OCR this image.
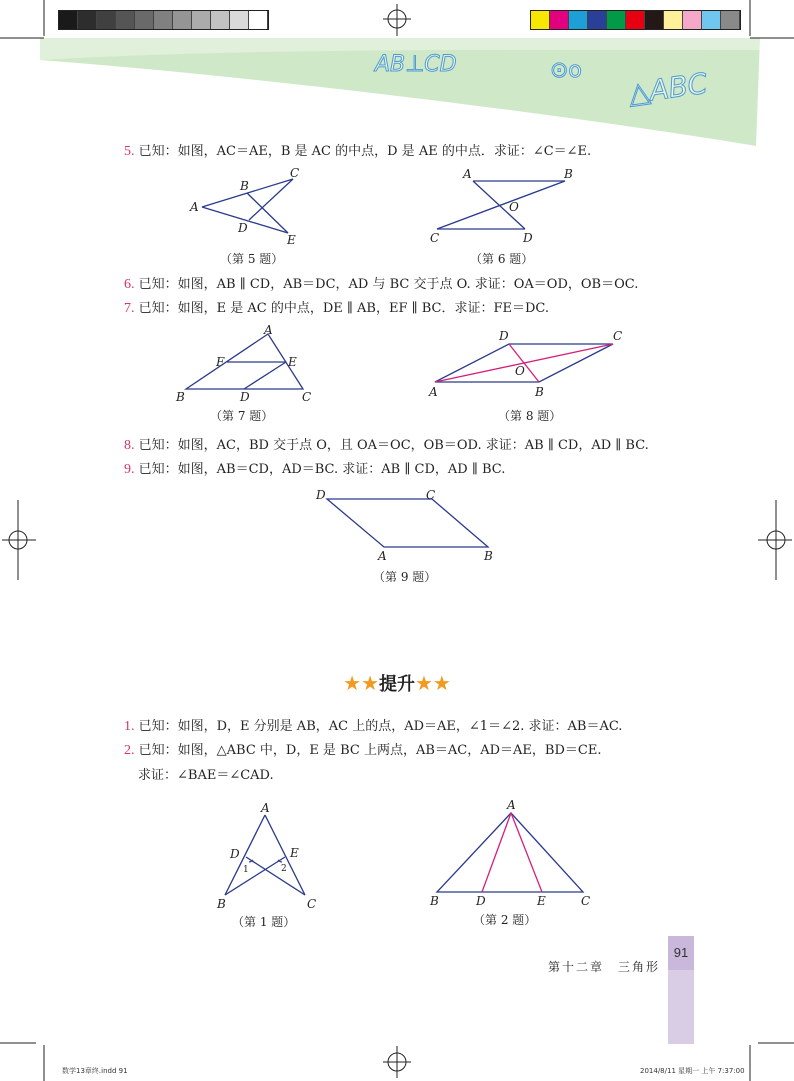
AB⊥CD	⊙o △ABC
5. 已知：如图，AC＝AE，B 是 AC 的中点，D 是 AE 的中点．求证：∠C＝∠E.
A
B
C
D
E
（第 5 题）
A	B
C	D
O
（第 6 题）
6. 已知：如图，AB ∥ CD，AB＝DC，AD 与 BC 交于点 O. 求证：OA＝OD，OB＝OC.
7. 已知：如图，E 是 AC 的中点，DE ∥ AB，EF ∥ BC．求证：FE＝DC.
A
B	C
D
E
F
（第 7 题）
A	B
C
D
O
（第 8 题）
8. 已知：如图，AC，BD 交于点 O，且 OA＝OC，OB＝OD. 求证：AB ∥ CD，AD ∥ BC.
9. 已知：如图，AB＝CD，AD＝BC. 求证：AB ∥ CD，AD ∥ BC.
D	C
A	B
（第 9 题）
★★提升★★
1. 已知：如图，D，E 分别是 AB，AC 上的点，AD＝AE，∠1＝∠2. 求证：AB＝AC.
2. 已知：如图，△ABC 中，D，E 是 BC 上两点，AB＝AC，AD＝AE，BD＝CE.
求证：∠BAE＝∠CAD.
A
B	C
D	E
1	2
（第 1 题）
A
B	C
D	E
（第 2 题）
第十二章　三角形
91
数学13章终.indd 91	2014/8/11 星期一 上午 7:37:00
